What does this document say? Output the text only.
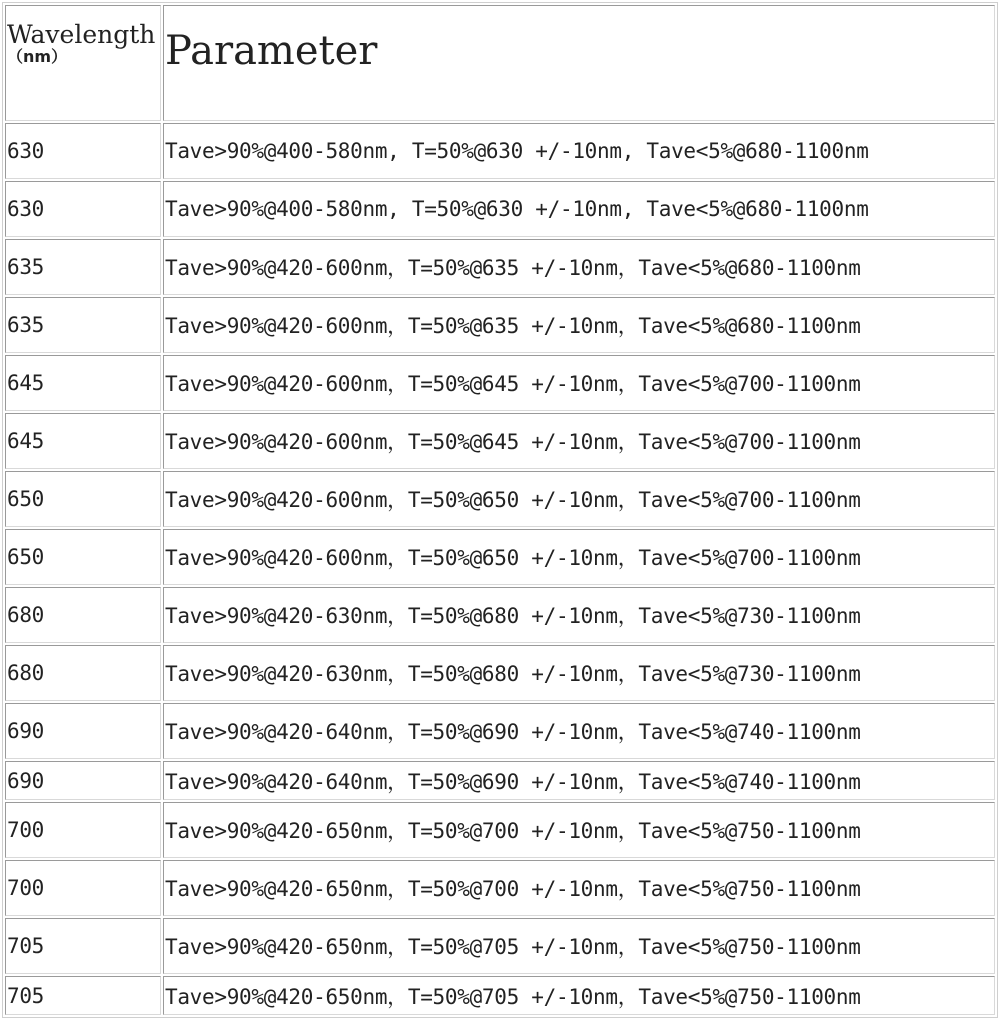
Wavelength
（nm）	Parameter
630	Tave>90%@400-580nm, T=50%@630 +/-10nm, Tave<5%@680-1100nm
630	Tave>90%@400-580nm, T=50%@630 +/-10nm, Tave<5%@680-1100nm
635	Tave>90%@420-600nm，T=50%@635 +/-10nm，Tave<5%@680-1100nm
635	Tave>90%@420-600nm，T=50%@635 +/-10nm，Tave<5%@680-1100nm
645	Tave>90%@420-600nm，T=50%@645 +/-10nm，Tave<5%@700-1100nm
645	Tave>90%@420-600nm，T=50%@645 +/-10nm，Tave<5%@700-1100nm
650	Tave>90%@420-600nm，T=50%@650 +/-10nm，Tave<5%@700-1100nm
650	Tave>90%@420-600nm，T=50%@650 +/-10nm，Tave<5%@700-1100nm
680	Tave>90%@420-630nm，T=50%@680 +/-10nm，Tave<5%@730-1100nm
680	Tave>90%@420-630nm，T=50%@680 +/-10nm，Tave<5%@730-1100nm
690	Tave>90%@420-640nm，T=50%@690 +/-10nm，Tave<5%@740-1100nm
690	Tave>90%@420-640nm，T=50%@690 +/-10nm，Tave<5%@740-1100nm
700	Tave>90%@420-650nm，T=50%@700 +/-10nm，Tave<5%@750-1100nm
700	Tave>90%@420-650nm，T=50%@700 +/-10nm，Tave<5%@750-1100nm
705	Tave>90%@420-650nm，T=50%@705 +/-10nm，Tave<5%@750-1100nm
705	Tave>90%@420-650nm，T=50%@705 +/-10nm，Tave<5%@750-1100nm
